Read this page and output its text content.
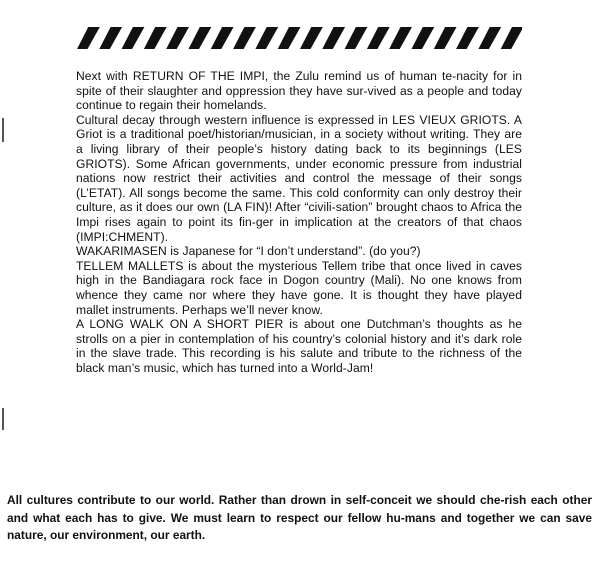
Next with RETURN OF THE IMPI, the Zulu remind us of human te-nacity for in spite of their slaughter and oppression they have sur-vived as a people and today continue to regain their homelands.

Cultural decay through western influence is expressed in LES VIEUX GRIOTS. A Griot is a traditional poet/historian/musician, in a society without writing. They are a living library of their people’s history dating back to its beginnings (LES GRIOTS). Some African governments, under economic pressure from industrial nations now restrict their activities and control the message of their songs (L’ETAT). All songs become the same. This cold conformity can only destroy their culture, as it does our own (LA FIN)! After “civili-sation” brought chaos to Africa the Impi rises again to point its fin-ger in implication at the creators of that chaos (IMPI:CHMENT).

WAKARIMASEN is Japanese for “I don’t understand”. (do you?)

TELLEM MALLETS is about the mysterious Tellem tribe that once lived in caves high in the Bandiagara rock face in Dogon country (Mali). No one knows from whence they came nor where they have gone. It is thought they have played mallet instruments. Perhaps we’ll never know.

A LONG WALK ON A SHORT PIER is about one Dutchman’s thoughts as he strolls on a pier in contemplation of his country’s colonial history and it’s dark role in the slave trade. This recording is his salute and tribute to the richness of the black man’s music, which has turned into a World-Jam!

All cultures contribute to our world. Rather than drown in self-conceit we should che-rish each other and what each has to give. We must learn to respect our fellow hu-mans and together we can save nature, our environment, our earth.
